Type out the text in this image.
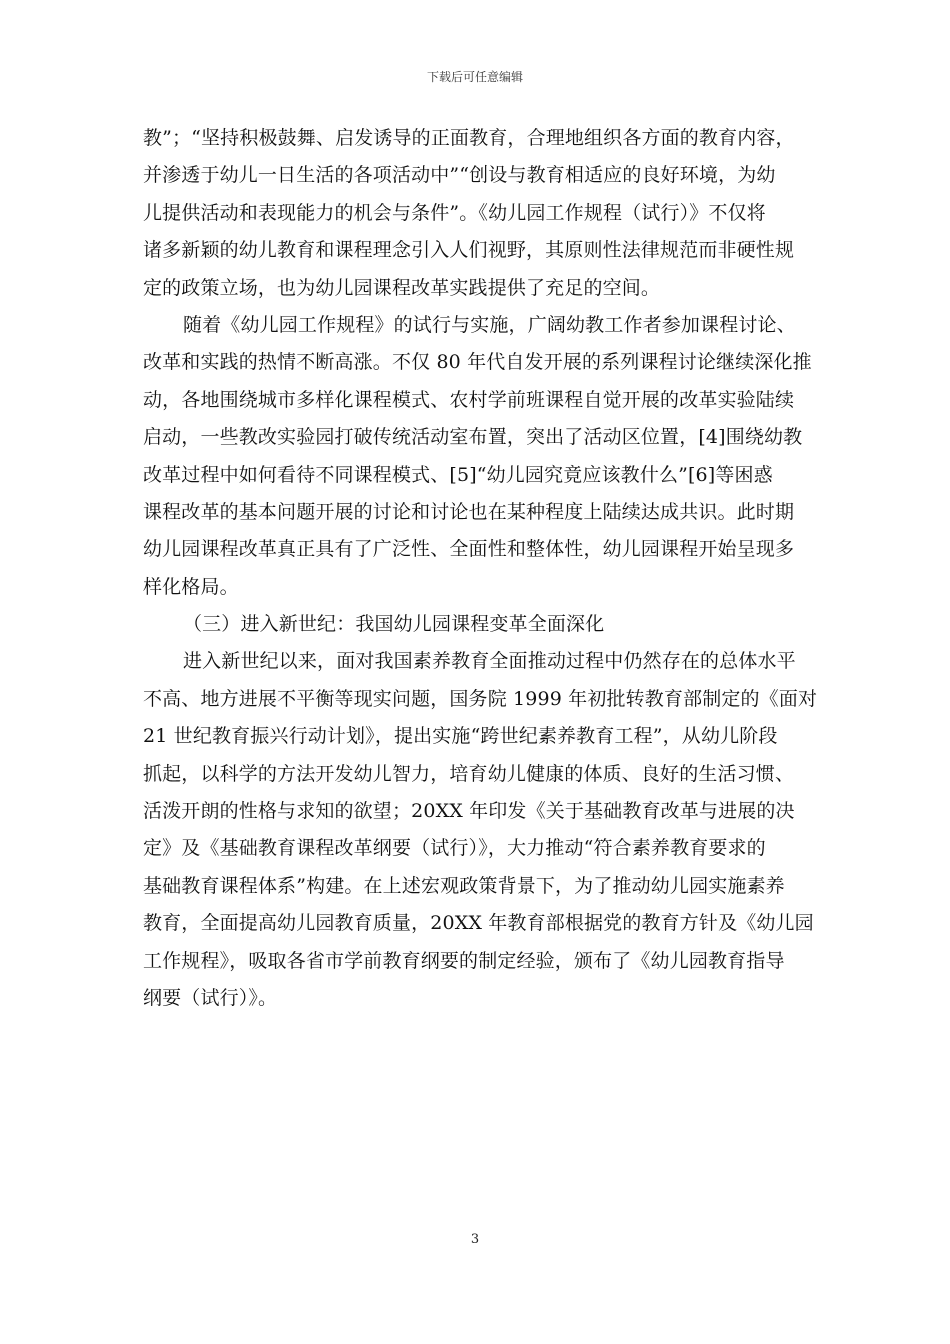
下载后可任意编辑
教”；“坚持积极鼓舞、启发诱导的正面教育，合理地组织各方面的教育内容，
并渗透于幼儿一日生活的各项活动中”“创设与教育相适应的良好环境，为幼
儿提供活动和表现能力的机会与条件”。《幼儿园工作规程（试行）》不仅将
诸多新颖的幼儿教育和课程理念引入人们视野，其原则性法律规范而非硬性规
定的政策立场，也为幼儿园课程改革实践提供了充足的空间。
随着《幼儿园工作规程》的试行与实施，广阔幼教工作者参加课程讨论、
改革和实践的热情不断高涨。不仅 80 年代自发开展的系列课程讨论继续深化推
动，各地围绕城市多样化课程模式、农村学前班课程自觉开展的改革实验陆续
启动，一些教改实验园打破传统活动室布置，突出了活动区位置，[4]围绕幼教
改革过程中如何看待不同课程模式、[5]“幼儿园究竟应该教什么”[6]等困惑
课程改革的基本问题开展的讨论和讨论也在某种程度上陆续达成共识。此时期
幼儿园课程改革真正具有了广泛性、全面性和整体性，幼儿园课程开始呈现多
样化格局。
（三）进入新世纪：我国幼儿园课程变革全面深化
进入新世纪以来，面对我国素养教育全面推动过程中仍然存在的总体水平
不高、地方进展不平衡等现实问题，国务院 1999 年初批转教育部制定的《面对
21 世纪教育振兴行动计划》，提出实施“跨世纪素养教育工程”，从幼儿阶段
抓起，以科学的方法开发幼儿智力，培育幼儿健康的体质、良好的生活习惯、
活泼开朗的性格与求知的欲望；20XX 年印发《关于基础教育改革与进展的决
定》及《基础教育课程改革纲要（试行）》，大力推动“符合素养教育要求的
基础教育课程体系”构建。在上述宏观政策背景下，为了推动幼儿园实施素养
教育，全面提高幼儿园教育质量，20XX 年教育部根据党的教育方针及《幼儿园
工作规程》，吸取各省市学前教育纲要的制定经验，颁布了《幼儿园教育指导
纲要（试行）》。
3
